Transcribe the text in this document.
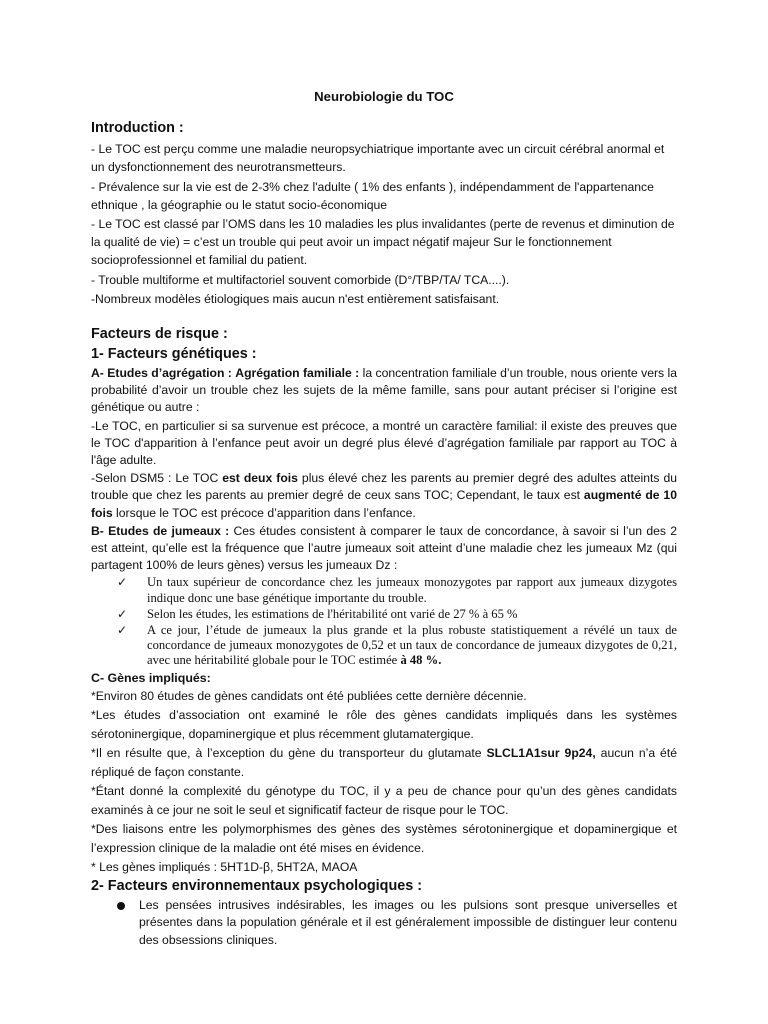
Neurobiologie du TOC
Introduction :

- Le TOC est perçu comme une maladie neuropsychiatrique importante avec un circuit cérébral anormal et un dysfonctionnement des neurotransmetteurs.

- Prévalence sur la vie est de 2-3% chez l'adulte ( 1% des enfants ), indépendamment de l'appartenance ethnique , la géographie ou le statut socio-économique

- Le TOC est classé par l’OMS dans les 10 maladies les plus invalidantes (perte de revenus et diminution de la qualité de vie) = c’est un trouble qui peut avoir un impact négatif majeur Sur le fonctionnement socioprofessionnel et familial du patient.

- Trouble multiforme et multifactoriel souvent comorbide (D°/TBP/TA/ TCA....).

-Nombreux modèles étiologiques mais aucun n'est entièrement satisfaisant.

Facteurs de risque :
1- Facteurs génétiques :

A- Etudes d’agrégation : Agrégation familiale : la concentration familiale d’un trouble, nous oriente vers la probabilité d’avoir un trouble chez les sujets de la même famille, sans pour autant préciser si l’origine est génétique ou autre :

-Le TOC, en particulier si sa survenue est précoce, a montré un caractère familial: il existe des preuves que le TOC d'apparition à l’enfance peut avoir un degré plus élevé d’agrégation familiale par rapport au TOC à l'âge adulte.

-Selon DSM5 : Le TOC est deux fois plus élevé chez les parents au premier degré des adultes atteints du trouble que chez les parents au premier degré de ceux sans TOC; Cependant, le taux est augmenté de 10 fois lorsque le TOC est précoce d’apparition dans l’enfance.

B- Etudes de jumeaux : Ces études consistent à comparer le taux de concordance, à savoir si l’un des 2 est atteint, qu’elle est la fréquence que l’autre jumeaux soit atteint d’une maladie chez les jumeaux Mz (qui partagent 100% de leurs gènes) versus les jumeaux Dz :

✓ Un taux supérieur de concordance chez les jumeaux monozygotes par rapport aux jumeaux dizygotes indique donc une base génétique importante du trouble.
✓ Selon les études, les estimations de l'héritabilité ont varié de 27 % à 65 %
✓ A ce jour, l’étude de jumeaux la plus grande et la plus robuste statistiquement a révélé un taux de concordance de jumeaux monozygotes de 0,52 et un taux de concordance de jumeaux dizygotes de 0,21, avec une héritabilité globale pour le TOC estimée à 48 %.
C- Gènes impliqués:

*Environ 80 études de gènes candidats ont été publiées cette dernière décennie.

*Les études d’association ont examiné le rôle des gènes candidats impliqués dans les systèmes sérotoninergique, dopaminergique et plus récemment glutamatergique.

*Il en résulte que, à l’exception du gène du transporteur du glutamate SLCL1A1sur 9p24, aucun n’a été répliqué de façon constante.

*Étant donné la complexité du génotype du TOC, il y a peu de chance pour qu’un des gènes candidats examinés à ce jour ne soit le seul et significatif facteur de risque pour le TOC.

*Des liaisons entre les polymorphismes des gènes des systèmes sérotoninergique et dopaminergique et l’expression clinique de la maladie ont été mises en évidence.

* Les gènes impliqués : 5HT1D-β, 5HT2A, MAOA

2- Facteurs environnementaux psychologiques :
Les pensées intrusives indésirables, les images ou les pulsions sont presque universelles et présentes dans la population générale et il est généralement impossible de distinguer leur contenu des obsessions cliniques.
